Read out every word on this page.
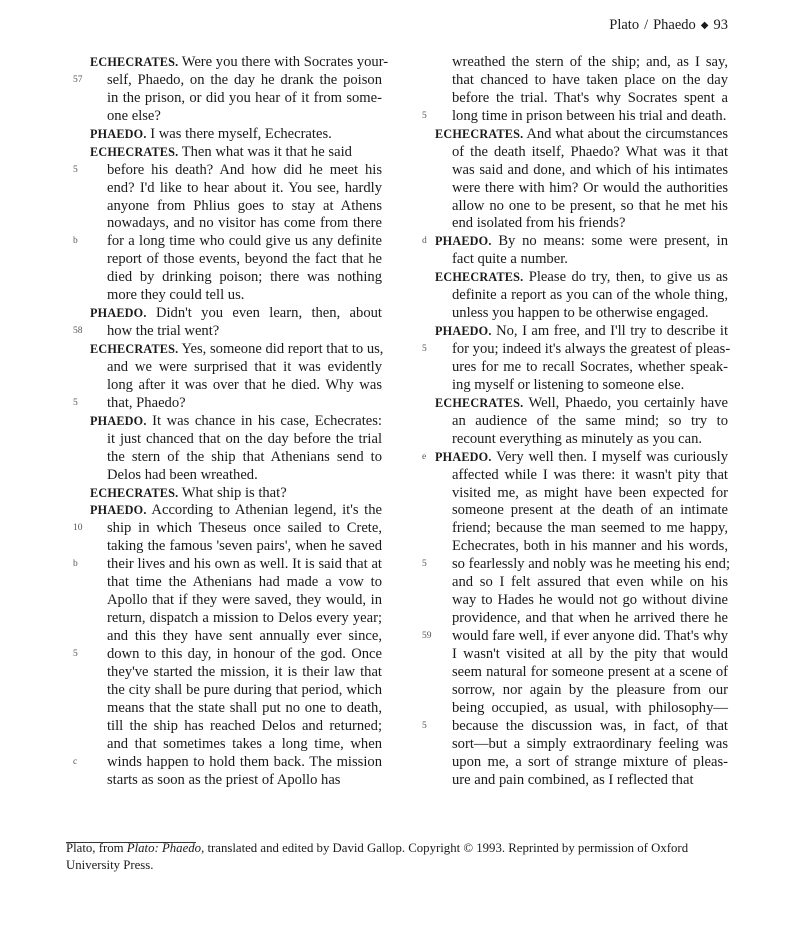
Plato / Phaedo ◆ 93
ECHECRATES. Were you there with Socrates your-
57 self, Phaedo, on the day he drank the poison
in the prison, or did you hear of it from some-
one else?
PHAEDO. I was there myself, Echecrates.
ECHECRATES. Then what was it that he said
5	before his death? And how did he meet his
end? I'd like to hear about it. You see, hardly
anyone from Phlius goes to stay at Athens
nowadays, and no visitor has come from there
b	for a long time who could give us any definite
report of those events, beyond the fact that he
died by drinking poison; there was nothing
more they could tell us.
PHAEDO. Didn't you even learn, then, about
58 how the trial went?
ECHECRATES. Yes, someone did report that to us,
and we were surprised that it was evidently
long after it was over that he died. Why was
5	that, Phaedo?
PHAEDO. It was chance in his case, Echecrates:
it just chanced that on the day before the trial
the stern of the ship that Athenians send to
Delos had been wreathed.
ECHECRATES. What ship is that?
PHAEDO. According to Athenian legend, it's the
10 ship in which Theseus once sailed to Crete,
taking the famous 'seven pairs', when he saved
b	their lives and his own as well. It is said that at
that time the Athenians had made a vow to
Apollo that if they were saved, they would, in
return, dispatch a mission to Delos every year;
and this they have sent annually ever since,
5	down to this day, in honour of the god. Once
they've started the mission, it is their law that
the city shall be pure during that period, which
means that the state shall put no one to death,
till the ship has reached Delos and returned;
and that sometimes takes a long time, when
c	winds happen to hold them back. The mission
starts as soon as the priest of Apollo has
wreathed the stern of the ship; and, as I say,
that chanced to have taken place on the day
before the trial. That's why Socrates spent a
5	long time in prison between his trial and death.
ECHECRATES. And what about the circumstances
of the death itself, Phaedo? What was it that
was said and done, and which of his intimates
were there with him? Or would the authorities
allow no one to be present, so that he met his
end isolated from his friends?
d PHAEDO. By no means: some were present, in
fact quite a number.
ECHECRATES. Please do try, then, to give us as
definite a report as you can of the whole thing,
unless you happen to be otherwise engaged.
PHAEDO. No, I am free, and I'll try to describe it
5	for you; indeed it's always the greatest of pleas-
ures for me to recall Socrates, whether speak-
ing myself or listening to someone else.
ECHECRATES. Well, Phaedo, you certainly have
an audience of the same mind; so try to
recount everything as minutely as you can.
e PHAEDO. Very well then. I myself was curiously
affected while I was there: it wasn't pity that
visited me, as might have been expected for
someone present at the death of an intimate
friend; because the man seemed to me happy,
Echecrates, both in his manner and his words,
5	so fearlessly and nobly was he meeting his end;
and so I felt assured that even while on his
way to Hades he would not go without divine
providence, and that when he arrived there he
59 would fare well, if ever anyone did. That's why
I wasn't visited at all by the pity that would
seem natural for someone present at a scene of
sorrow, nor again by the pleasure from our
being occupied, as usual, with philosophy—
5	because the discussion was, in fact, of that
sort—but a simply extraordinary feeling was
upon me, a sort of strange mixture of pleas-
ure and pain combined, as I reflected that
Plato, from Plato: Phaedo, translated and edited by David Gallop. Copyright © 1993. Reprinted by permission of Oxford University Press.
